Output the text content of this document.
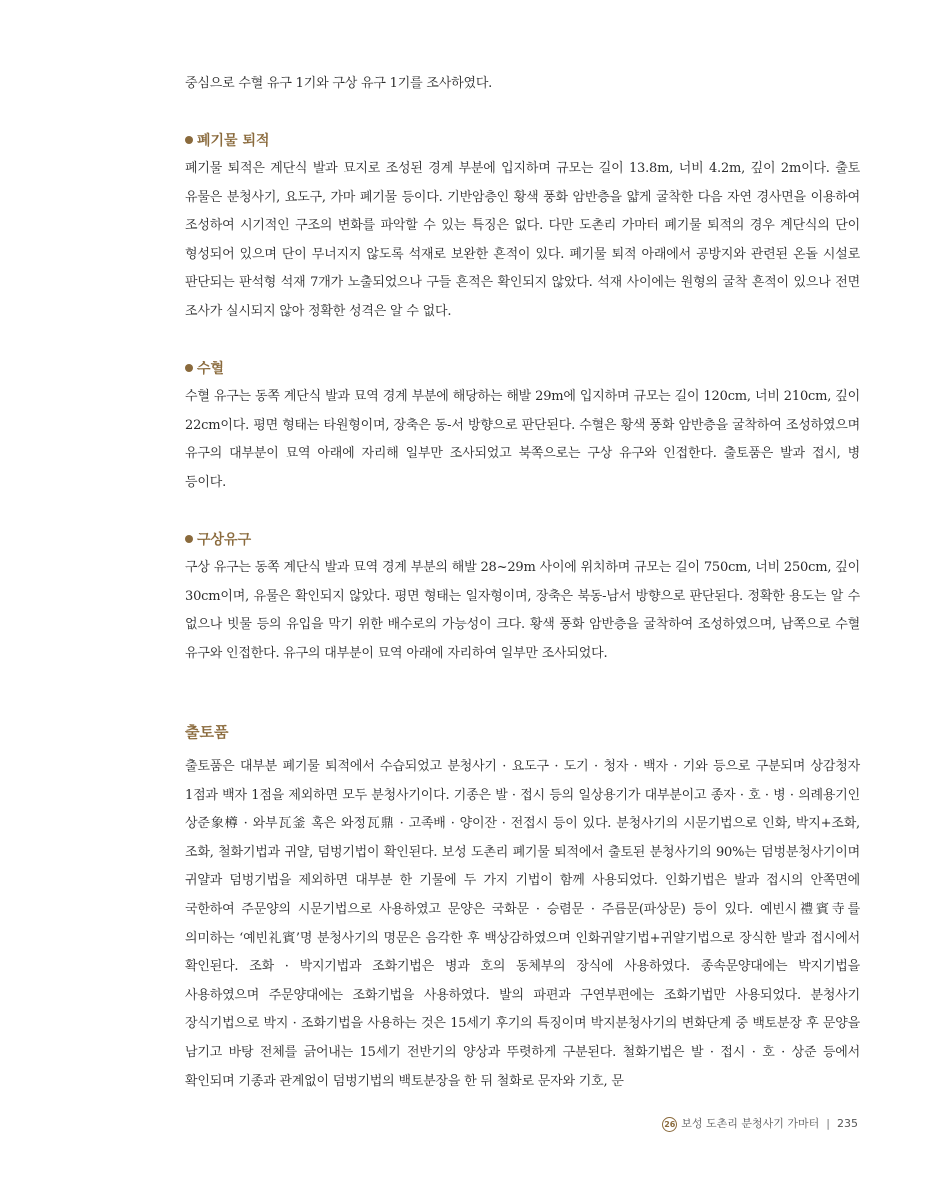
중심으로 수혈 유구 1기와 구상 유구 1기를 조사하였다.

폐기물 퇴적

폐기물 퇴적은 계단식 발과 묘지로 조성된 경계 부분에 입지하며 규모는 길이 13.8m, 너비 4.2m, 깊이 2m이다. 출토 유물은 분청사기, 요도구, 가마 폐기물 등이다. 기반암층인 황색 풍화 암반층을 얇게 굴착한 다음 자연 경사면을 이용하여 조성하여 시기적인 구조의 변화를 파악할 수 있는 특징은 없다. 다만 도촌리 가마터 폐기물 퇴적의 경우 계단식의 단이 형성되어 있으며 단이 무너지지 않도록 석재로 보완한 흔적이 있다. 폐기물 퇴적 아래에서 공방지와 관련된 온돌 시설로 판단되는 판석형 석재 7개가 노출되었으나 구들 흔적은 확인되지 않았다. 석재 사이에는 원형의 굴착 흔적이 있으나 전면 조사가 실시되지 않아 정확한 성격은 알 수 없다.

수혈

수혈 유구는 동쪽 계단식 발과 묘역 경계 부분에 해당하는 해발 29m에 입지하며 규모는 길이 120cm, 너비 210cm, 깊이 22cm이다. 평면 형태는 타원형이며, 장축은 동-서 방향으로 판단된다. 수혈은 황색 풍화 암반층을 굴착하여 조성하였으며 유구의 대부분이 묘역 아래에 자리해 일부만 조사되었고 북쪽으로는 구상 유구와 인접한다. 출토품은 발과 접시, 병 등이다.

구상유구

구상 유구는 동쪽 계단식 발과 묘역 경계 부분의 해발 28~29m 사이에 위치하며 규모는 길이 750cm, 너비 250cm, 깊이 30cm이며, 유물은 확인되지 않았다. 평면 형태는 일자형이며, 장축은 북동-남서 방향으로 판단된다. 정확한 용도는 알 수 없으나 빗물 등의 유입을 막기 위한 배수로의 가능성이 크다. 황색 풍화 암반층을 굴착하여 조성하였으며, 남쪽으로 수혈 유구와 인접한다. 유구의 대부분이 묘역 아래에 자리하여 일부만 조사되었다.

출토품

출토품은 대부분 폐기물 퇴적에서 수습되었고 분청사기 · 요도구 · 도기 · 청자 · 백자 · 기와 등으로 구분되며 상감청자 1점과 백자 1점을 제외하면 모두 분청사기이다. 기종은 발 · 접시 등의 일상용기가 대부분이고 종자 · 호 · 병 · 의례용기인 상준象樽 · 와부瓦釜 혹은 와정瓦鼎 · 고족배 · 양이잔 · 전접시 등이 있다. 분청사기의 시문기법으로 인화, 박지+조화, 조화, 철화기법과 귀얄, 덤벙기법이 확인된다. 보성 도촌리 폐기물 퇴적에서 출토된 분청사기의 90%는 덤벙분청사기이며 귀얄과 덤벙기법을 제외하면 대부분 한 기물에 두 가지 기법이 함께 사용되었다. 인화기법은 발과 접시의 안쪽면에 국한하여 주문양의 시문기법으로 사용하였고 문양은 국화문 · 승렴문 · 주름문(파상문) 등이 있다. 예빈시禮賓寺를 의미하는 ‘예빈礼賓’명 분청사기의 명문은 음각한 후 백상감하였으며 인화귀얄기법+귀얄기법으로 장식한 발과 접시에서 확인된다. 조화 · 박지기법과 조화기법은 병과 호의 동체부의 장식에 사용하였다. 종속문양대에는 박지기법을 사용하였으며 주문양대에는 조화기법을 사용하였다. 발의 파편과 구연부편에는 조화기법만 사용되었다. 분청사기 장식기법으로 박지 · 조화기법을 사용하는 것은 15세기 후기의 특징이며 박지분청사기의 변화단계 중 백토분장 후 문양을 남기고 바탕 전체를 긁어내는 15세기 전반기의 양상과 뚜렷하게 구분된다. 철화기법은 발 · 접시 · 호 · 상준 등에서 확인되며 기종과 관계없이 덤벙기법의 백토분장을 한 뒤 철화로 문자와 기호, 문

26 보성 도촌리 분청사기 가마터 | 235
